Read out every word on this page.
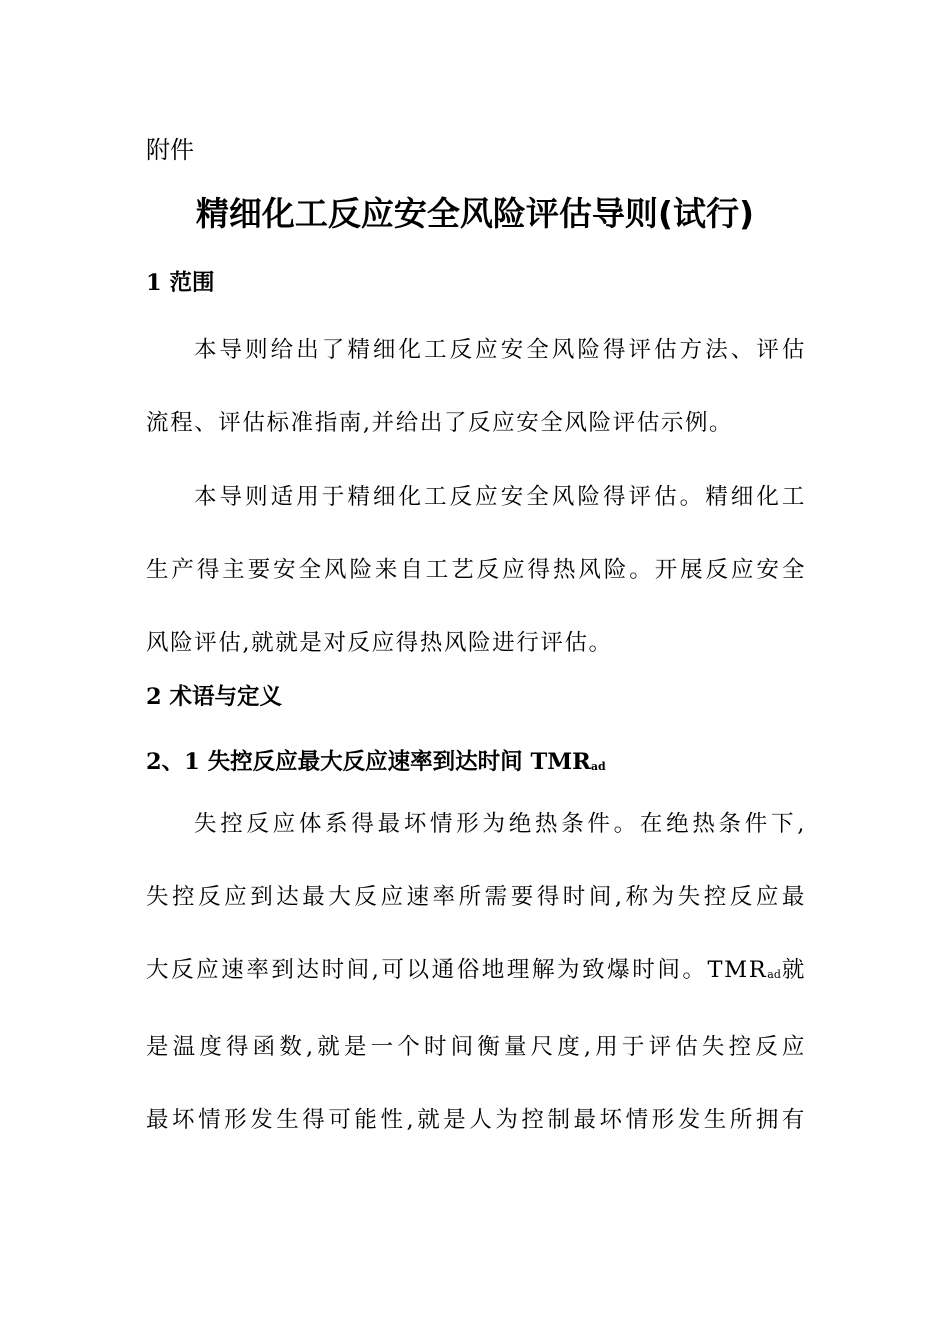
附件
精细化工反应安全风险评估导则(试行)
1 范围
本导则给出了精细化工反应安全风险得评估方法、评估
流程、评估标准指南,并给出了反应安全风险评估示例。
本导则适用于精细化工反应安全风险得评估。精细化工
生产得主要安全风险来自工艺反应得热风险。开展反应安全
风险评估,就就是对反应得热风险进行评估。
2 术语与定义
2、1 失控反应最大反应速率到达时间 $TMR_{ad}$
失控反应体系得最坏情形为绝热条件。在绝热条件下,
失控反应到达最大反应速率所需要得时间,称为失控反应最
大反应速率到达时间,可以通俗地理解为致爆时间。$TMR_{ad}$就
是温度得函数,就是一个时间衡量尺度,用于评估失控反应
最坏情形发生得可能性,就是人为控制最坏情形发生所拥有
